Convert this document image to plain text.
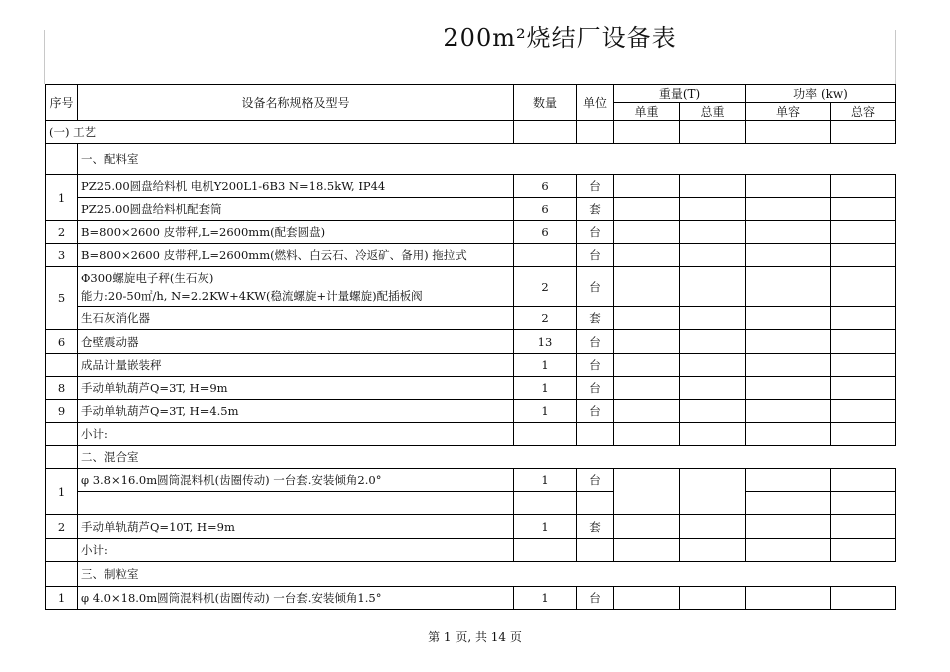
200m²烧结厂设备表
序号	设备名称规格及型号	数量	单位	重量(T)		功率 (kw)	
				单重	总重	单容	总容
(一) 工艺							
	一、配料室						
1	PZ25.00圆盘给料机 电机Y200L1-6B3 N=18.5kW, IP44	6	台				
	PZ25.00圆盘给料机配套筒	6	套				
2	B=800×2600 皮带秤,L=2600mm(配套圆盘)	6	台				
3	B=800×2600 皮带秤,L=2600mm(燃料、白云石、冷返矿、备用) 拖拉式		台				
5	Φ300螺旋电子秤(生石灰)
能力:20-50㎡/h, N=2.2KW+4KW(稳流螺旋+计量螺旋)配插板阀	2	台				
	生石灰消化器	2	套				
6	仓壁震动器	13	台				
	成品计量嵌装秤	1	台				
8	手动单轨葫芦Q=3T, H=9m	1	台				
9	手动单轨葫芦Q=3T, H=4.5m	1	台				
	小计:						
	二、混合室						
1	φ 3.8×16.0m圆筒混料机(齿圈传动) 一台套.安装倾角2.0°	1	台				

2	手动单轨葫芦Q=10T, H=9m	1	套				
	小计:						
	三、制粒室						
1	φ 4.0×18.0m圆筒混料机(齿圈传动) 一台套.安装倾角1.5°	1	台				
第 1 页, 共 14 页
